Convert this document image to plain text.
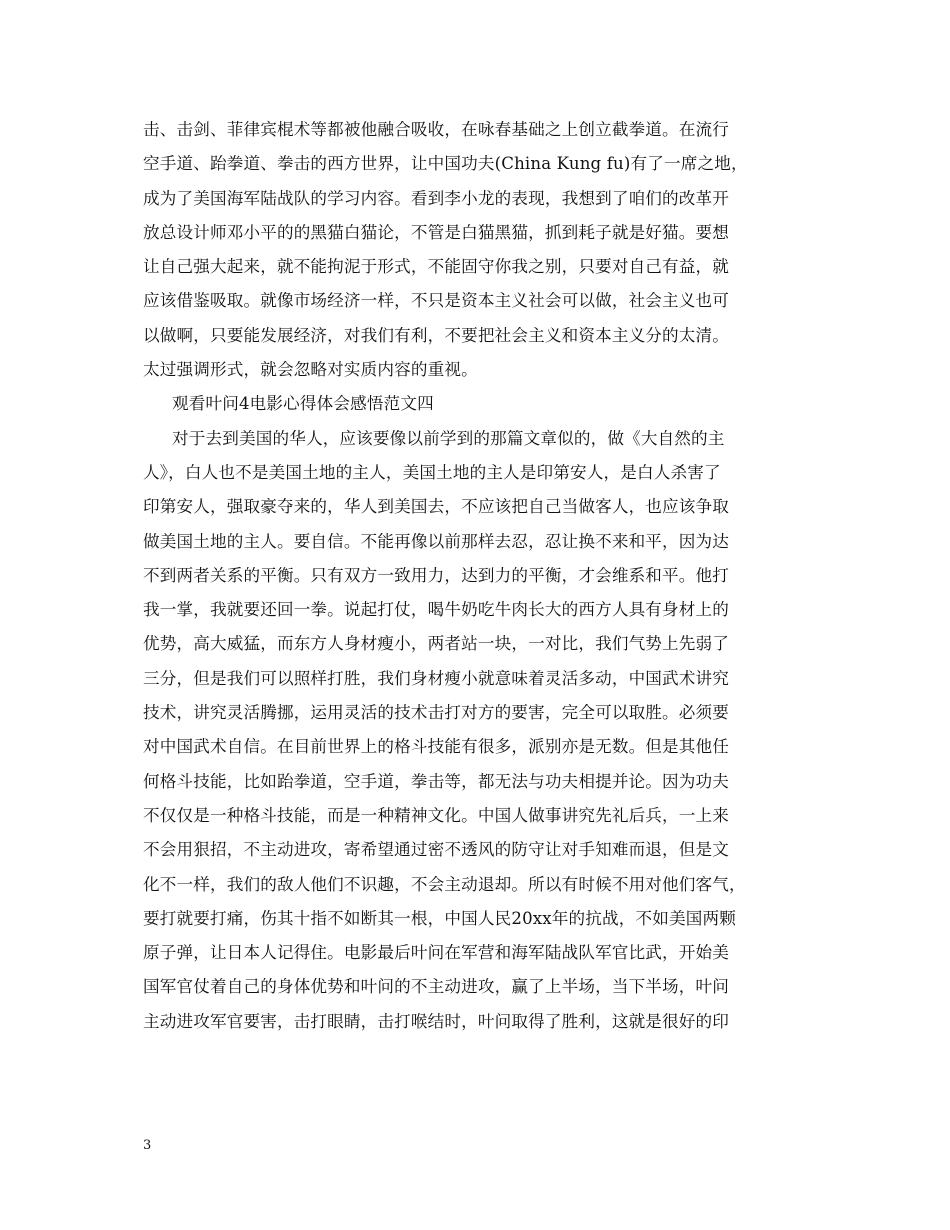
击、击剑、菲律宾棍术等都被他融合吸收，在咏春基础之上创立截拳道。在流行
空手道、跆拳道、拳击的西方世界，让中国功夫(China Kung fu)有了一席之地，
成为了美国海军陆战队的学习内容。看到李小龙的表现，我想到了咱们的改革开
放总设计师邓小平的的黑猫白猫论，不管是白猫黑猫，抓到耗子就是好猫。要想
让自己强大起来，就不能拘泥于形式，不能固守你我之别，只要对自己有益，就
应该借鉴吸取。就像市场经济一样，不只是资本主义社会可以做，社会主义也可
以做啊，只要能发展经济，对我们有利，不要把社会主义和资本主义分的太清。
太过强调形式，就会忽略对实质内容的重视。
观看叶问4电影心得体会感悟范文四
对于去到美国的华人，应该要像以前学到的那篇文章似的，做《大自然的主
人》，白人也不是美国土地的主人，美国土地的主人是印第安人，是白人杀害了
印第安人，强取豪夺来的，华人到美国去，不应该把自己当做客人，也应该争取
做美国土地的主人。要自信。不能再像以前那样去忍，忍让换不来和平，因为达
不到两者关系的平衡。只有双方一致用力，达到力的平衡，才会维系和平。他打
我一掌，我就要还回一拳。说起打仗，喝牛奶吃牛肉长大的西方人具有身材上的
优势，高大威猛，而东方人身材瘦小，两者站一块，一对比，我们气势上先弱了
三分，但是我们可以照样打胜，我们身材瘦小就意味着灵活多动，中国武术讲究
技术，讲究灵活腾挪，运用灵活的技术击打对方的要害，完全可以取胜。必须要
对中国武术自信。在目前世界上的格斗技能有很多，派别亦是无数。但是其他任
何格斗技能，比如跆拳道，空手道，拳击等，都无法与功夫相提并论。因为功夫
不仅仅是一种格斗技能，而是一种精神文化。中国人做事讲究先礼后兵，一上来
不会用狠招，不主动进攻，寄希望通过密不透风的防守让对手知难而退，但是文
化不一样，我们的敌人他们不识趣，不会主动退却。所以有时候不用对他们客气，
要打就要打痛，伤其十指不如断其一根，中国人民20xx年的抗战，不如美国两颗
原子弹，让日本人记得住。电影最后叶问在军营和海军陆战队军官比武，开始美
国军官仗着自己的身体优势和叶问的不主动进攻，赢了上半场，当下半场，叶问
主动进攻军官要害，击打眼睛，击打喉结时，叶问取得了胜利，这就是很好的印
3
